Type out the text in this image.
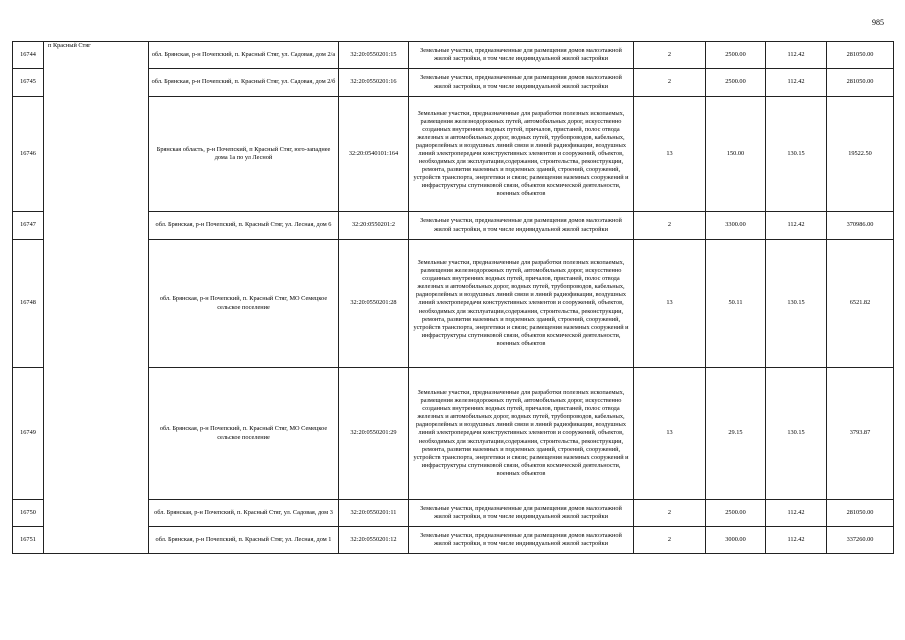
985
16744	п Красный Стяг	обл. Брянская, р-н Почепский, п. Красный Стяг, ул. Садовая, дом 2/а	32:20:0550201:15	Земельные участки, предназначенные для размещения домов малоэтажной жилой застройки, в том числе индивидуальной жилой застройки	2	2500.00	112.42	281050.00
16745		обл. Брянская, р-н Почепский, п. Красный Стяг, ул. Садовая, дом 2/б	32:20:0550201:16	Земельные участки, предназначенные для размещения домов малоэтажной жилой застройки, в том числе индивидуальной жилой застройки	2	2500.00	112.42	281050.00
16746		Брянская область, р-н Почепский, п Красный Стяг, юго-западнее дома 1а по ул Лесной	32:20:0540101:164	Земельные участки, предназначенные для разработки полезных ископаемых, размещения железнодорожных путей, автомобильных дорог, искусственно созданных внутренних водных путей, причалов, пристаней, полос отвода железных и автомобильных дорог, водных путей, трубопроводов, кабельных, радиорелейных и воздушных линий связи и линий радиофикации, воздушных линий электропередачи конструктивных элементов и сооружений, объектов, необходимых для эксплуатации,содержания, строительства, реконструкции, ремонта, развития наземных и подземных зданий, строений, сооружений, устройств транспорта, энергетики и связи; размещения наземных сооружений и инфраструктуры спутниковой связи, объектов космической деятельности, военных объектов	13	150.00	130.15	19522.50
16747		обл. Брянская, р-н Почепский, п. Красный Стяг, ул. Лесная, дом 6	32:20:0550201:2	Земельные участки, предназначенные для размещения домов малоэтажной жилой застройки, в том числе индивидуальной жилой застройки	2	3300.00	112.42	370986.00
16748		обл. Брянская, р-н Почепский, п. Красный Стяг, МО Семецкое сельское поселение	32:20:0550201:28	Земельные участки, предназначенные для разработки полезных ископаемых, размещения железнодорожных путей, автомобильных дорог, искусственно созданных внутренних водных путей, причалов, пристаней, полос отвода железных и автомобильных дорог, водных путей, трубопроводов, кабельных, радиорелейных и воздушных линий связи и линий радиофикации, воздушных линий электропередачи конструктивных элементов и сооружений, объектов, необходимых для эксплуатации,содержания, строительства, реконструкции, ремонта, развития наземных и подземных зданий, строений, сооружений, устройств транспорта, энергетики и связи; размещения наземных сооружений и инфраструктуры спутниковой связи, объектов космической деятельности, военных объектов	13	50.11	130.15	6521.82
16749		обл. Брянская, р-н Почепский, п. Красный Стяг, МО Семецкое сельское поселение	32:20:0550201:29	Земельные участки, предназначенные для разработки полезных ископаемых, размещения железнодорожных путей, автомобильных дорог, искусственно созданных внутренних водных путей, причалов, пристаней, полос отвода железных и автомобильных дорог, водных путей, трубопроводов, кабельных, радиорелейных и воздушных линий связи и линий радиофикации, воздушных линий электропередачи конструктивных элементов и сооружений, объектов, необходимых для эксплуатации,содержания, строительства, реконструкции, ремонта, развития наземных и подземных зданий, строений, сооружений, устройств транспорта, энергетики и связи; размещения наземных сооружений и инфраструктуры спутниковой связи, объектов космической деятельности, военных объектов	13	29.15	130.15	3793.87
16750		обл. Брянская, р-н Почепский, п. Красный Стяг, ул. Садовая, дом 3	32:20:0550201:11	Земельные участки, предназначенные для размещения домов малоэтажной жилой застройки, в том числе индивидуальной жилой застройки	2	2500.00	112.42	281050.00
16751		обл. Брянская, р-н Почепский, п. Красный Стяг, ул. Лесная, дом 1	32:20:0550201:12	Земельные участки, предназначенные для размещения домов малоэтажной жилой застройки, в том числе индивидуальной жилой застройки	2	3000.00	112.42	337260.00
